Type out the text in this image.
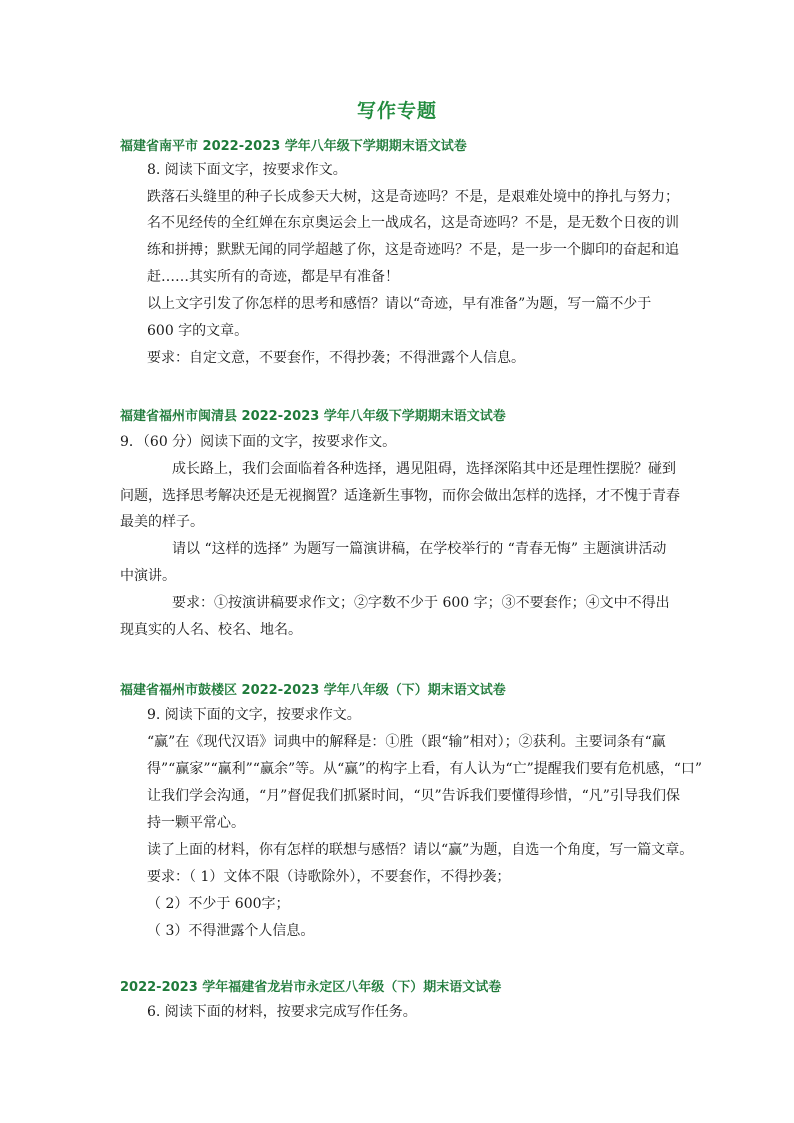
写作专题
福建省南平市 2022-2023 学年八年级下学期期末语文试卷
8. 阅读下面文字，按要求作文。
跌落石头缝里的种子长成参天大树，这是奇迹吗？不是，是艰难处境中的挣扎与努力；
名不见经传的全红婵在东京奥运会上一战成名，这是奇迹吗？不是，是无数个日夜的训
练和拼搏；默默无闻的同学超越了你，这是奇迹吗？不是，是一步一个脚印的奋起和追
赶……其实所有的奇迹，都是早有准备！
以上文字引发了你怎样的思考和感悟？请以“奇迹，早有准备”为题，写一篇不少于
600 字的文章。
要求：自定文意，不要套作，不得抄袭；不得泄露个人信息。
福建省福州市闽清县 2022-2023 学年八年级下学期期末语文试卷
9．（60 分）阅读下面的文字，按要求作文。
成长路上，我们会面临着各种选择，遇见阻碍，选择深陷其中还是理性摆脱？碰到
问题，选择思考解决还是无视搁置？适逢新生事物，而你会做出怎样的选择，才不愧于青春
最美的样子。
请以 “这样的选择” 为题写一篇演讲稿，在学校举行的 “青春无悔” 主题演讲活动
中演讲。
要求：①按演讲稿要求作文；②字数不少于 600 字；③不要套作；④文中不得出
现真实的人名、校名、地名。
福建省福州市鼓楼区 2022-2023 学年八年级（下）期末语文试卷
9. 阅读下面的文字，按要求作文。
“赢”在《现代汉语》词典中的解释是：①胜（跟“输”相对）；②获利。主要词条有“赢
得”“赢家”“赢利”“赢余”等。从“赢”的构字上看，有人认为“亡”提醒我们要有危机感，“口”
让我们学会沟通，“月”督促我们抓紧时间，“贝”告诉我们要懂得珍惜，“凡”引导我们保
持一颗平常心。
读了上面的材料，你有怎样的联想与感悟？请以“赢”为题，自选一个角度，写一篇文章。
要求：（ 1）文体不限（诗歌除外），不要套作，不得抄袭；
（ 2）不少于 600字；
（ 3）不得泄露个人信息。
2022-2023 学年福建省龙岩市永定区八年级（下）期末语文试卷
6. 阅读下面的材料，按要求完成写作任务。
